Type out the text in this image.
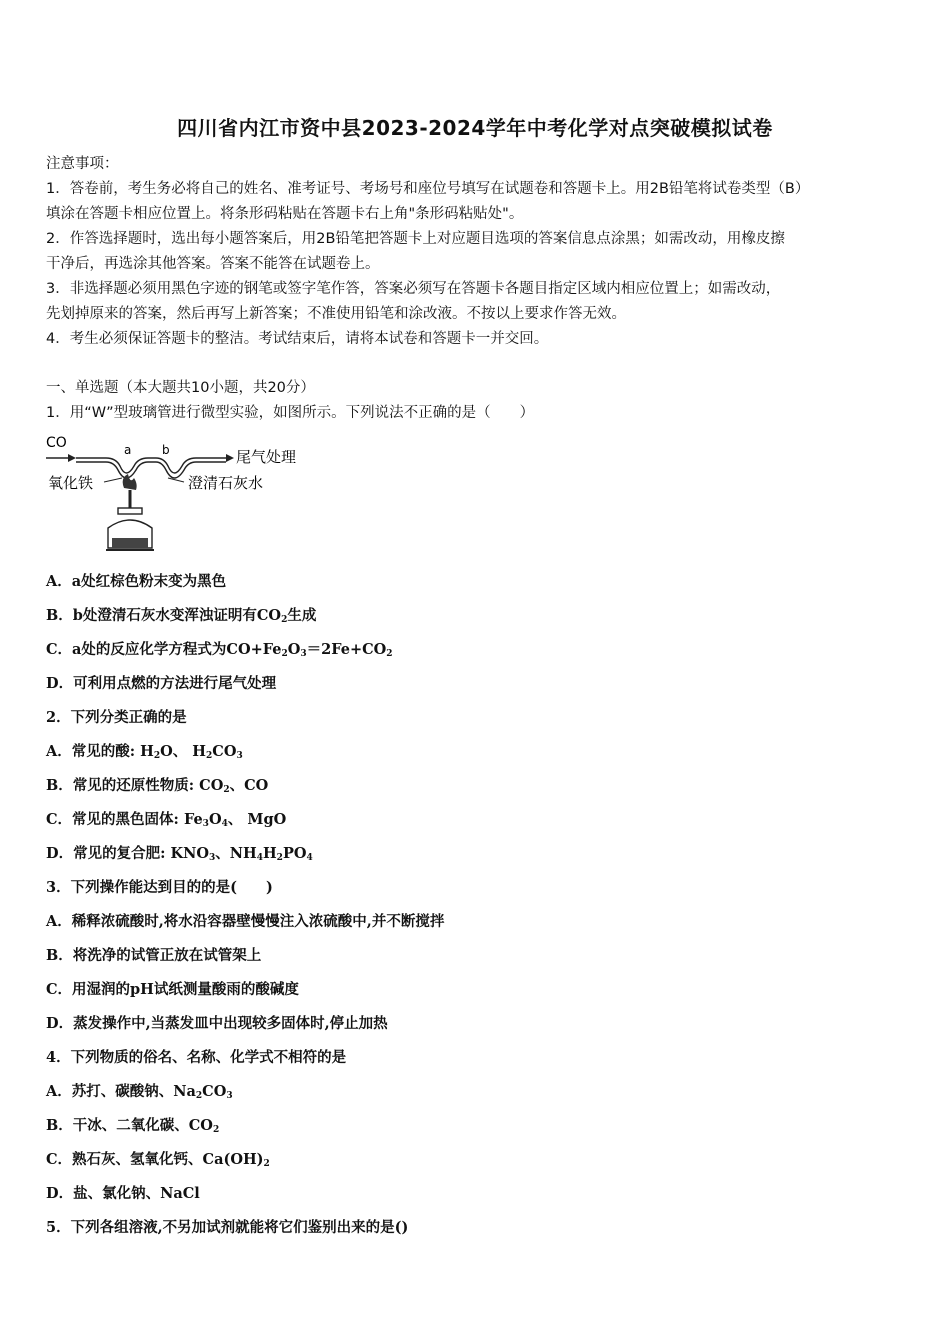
四川省内江市资中县2023-2024学年中考化学对点突破模拟试卷
注意事项：
1．答卷前，考生务必将自己的姓名、准考证号、考场号和座位号填写在试题卷和答题卡上。用2B铅笔将试卷类型（B）
填涂在答题卡相应位置上。将条形码粘贴在答题卡右上角"条形码粘贴处"。
2．作答选择题时，选出每小题答案后，用2B铅笔把答题卡上对应题目选项的答案信息点涂黑；如需改动，用橡皮擦
干净后，再选涂其他答案。答案不能答在试题卷上。
3．非选择题必须用黑色字迹的钢笔或签字笔作答，答案必须写在答题卡各题目指定区域内相应位置上；如需改动，
先划掉原来的答案，然后再写上新答案；不准使用铅笔和涂改液。不按以上要求作答无效。
4．考生必须保证答题卡的整洁。考试结束后，请将本试卷和答题卡一并交回。
一、单选题（本大题共10小题，共20分）
1．用“W”型玻璃管进行微型实验，如图所示。下列说法不正确的是（　　）
CO	a	b	尾气处理
氧化铁	澄清石灰水
A．a处红棕色粉末变为黑色
B．b处澄清石灰水变浑浊证明有$CO_2$生成
C．a处的反应化学方程式为$CO+Fe_2O_3=2Fe+CO_2$
D．可利用点燃的方法进行尾气处理
2．下列分类正确的是
A．常见的酸: $H_2O$、 $H_2CO_3$
B．常见的还原性物质: $CO_2$、CO
C．常见的黑色固体: $Fe_3O_4$、 MgO
D．常见的复合肥: $KNO_3$、$NH_4H_2PO_4$
3．下列操作能达到目的的是(　　)
A．稀释浓硫酸时,将水沿容器壁慢慢注入浓硫酸中,并不断搅拌
B．将洗净的试管正放在试管架上
C．用湿润的pH试纸测量酸雨的酸碱度
D．蒸发操作中,当蒸发皿中出现较多固体时,停止加热
4．下列物质的俗名、名称、化学式不相符的是
A．苏打、碳酸钠、$Na_2CO_3$
B．干冰、二氧化碳、$CO_2$
C．熟石灰、氢氧化钙、$Ca(OH)_2$
D．盐、氯化钠、NaCl
5．下列各组溶液,不另加试剂就能将它们鉴别出来的是()
